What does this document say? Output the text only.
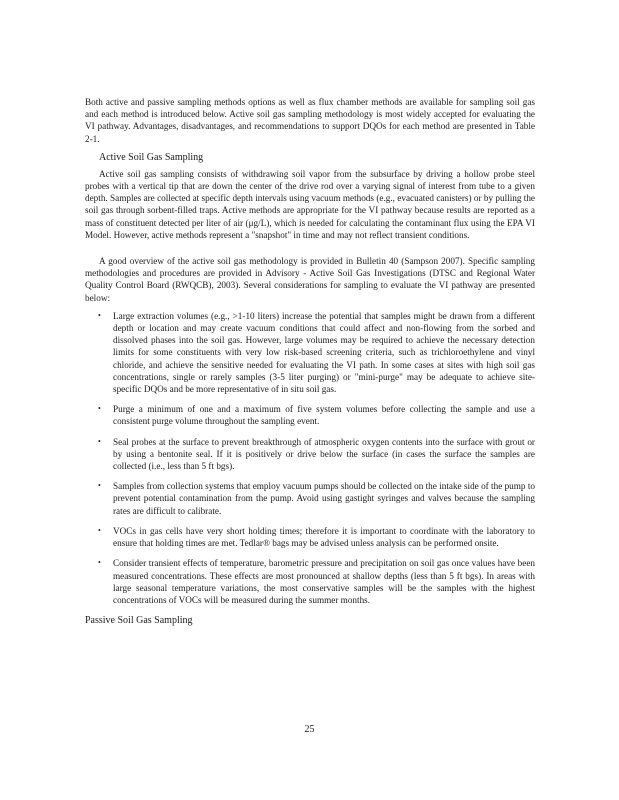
Both active and passive sampling methods options as well as flux chamber methods are available for sampling soil gas and each method is introduced below. Active soil gas sampling methodology is most widely accepted for evaluating the VI pathway. Advantages, disadvantages, and recommendations to support DQOs for each method are presented in Table 2-1.

Active Soil Gas Sampling

Active soil gas sampling consists of withdrawing soil vapor from the subsurface by driving a hollow probe steel probes with a vertical tip that are down the center of the drive rod over a varying signal of interest from tube to a given depth. Samples are collected at specific depth intervals using vacuum methods (e.g., evacuated canisters) or by pulling the soil gas through sorbent-filled traps. Active methods are appropriate for the VI pathway because results are reported as a mass of constituent detected per liter of air (μg/L), which is needed for calculating the contaminant flux using the EPA VI Model. However, active methods represent a "snapshot" in time and may not reflect transient conditions.

A good overview of the active soil gas methodology is provided in Bulletin 40 (Sampson 2007). Specific sampling methodologies and procedures are provided in Advisory - Active Soil Gas Investigations (DTSC and Regional Water Quality Control Board (RWQCB), 2003). Several considerations for sampling to evaluate the VI pathway are presented below:

• Large extraction volumes (e.g., >1-10 liters) increase the potential that samples might be drawn from a different depth or location and may create vacuum conditions that could affect and non-flowing from the sorbed and dissolved phases into the soil gas. However, large volumes may be required to achieve the necessary detection limits for some constituents with very low risk-based screening criteria, such as trichloroethylene and vinyl chloride, and achieve the sensitive needed for evaluating the VI path. In some cases at sites with high soil gas concentrations, single or rarely samples (3-5 liter purging) or "mini-purge" may be adequate to achieve site-specific DQOs and be more representative of in situ soil gas.
• Purge a minimum of one and a maximum of five system volumes before collecting the sample and use a consistent purge volume throughout the sampling event.
• Seal probes at the surface to prevent breakthrough of atmospheric oxygen contents into the surface with grout or by using a bentonite seal. If it is positively or drive below the surface (in cases the surface the samples are collected (i.e., less than 5 ft bgs).
• Samples from collection systems that employ vacuum pumps should be collected on the intake side of the pump to prevent potential contamination from the pump. Avoid using gastight syringes and valves because the sampling rates are difficult to calibrate.
• VOCs in gas cells have very short holding times; therefore it is important to coordinate with the laboratory to ensure that holding times are met. Tedlar® bags may be advised unless analysis can be performed onsite.
• Consider transient effects of temperature, barometric pressure and precipitation on soil gas once values have been measured concentrations. These effects are most pronounced at shallow depths (less than 5 ft bgs). In areas with large seasonal temperature variations, the most conservative samples will be the samples with the highest concentrations of VOCs will be measured during the summer months.
Passive Soil Gas Sampling
25
